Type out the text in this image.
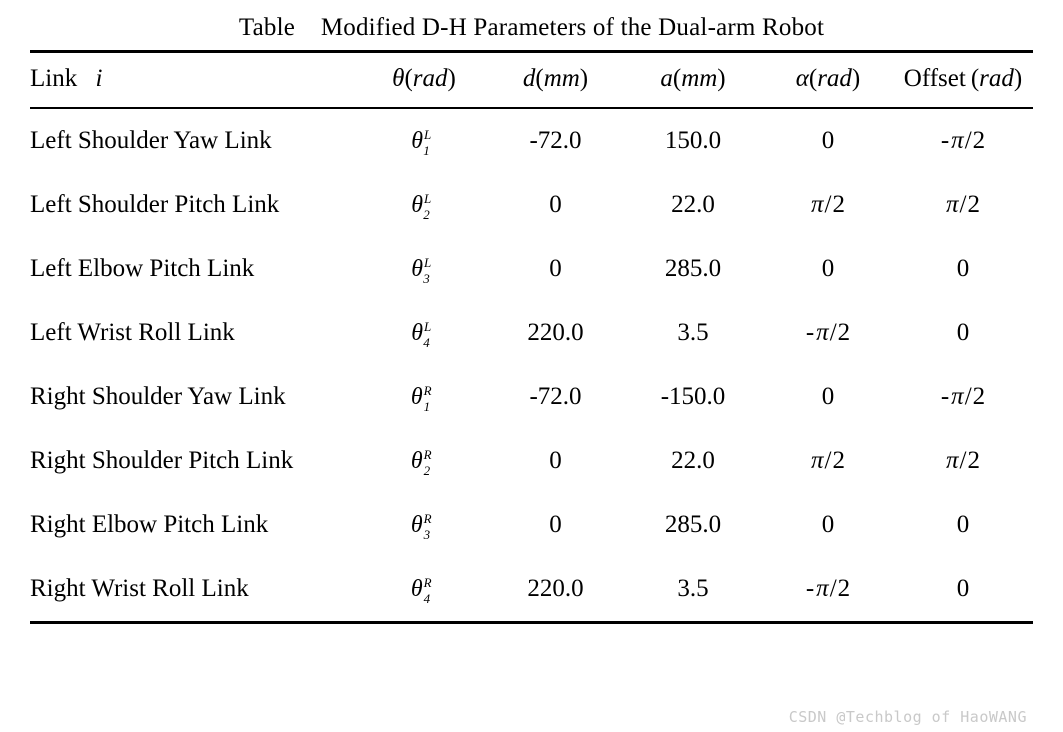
Table    Modified D-H Parameters of the Dual-arm Robot
Link i	θ(rad)	d(mm)	a(mm)	α(rad)	Offset (rad)
Left Shoulder Yaw Link	$\theta^L_1$	-72.0	150.0	0	-π/2
Left Shoulder Pitch Link	$\theta^L_2$	0	22.0	π/2	π/2
Left Elbow Pitch Link	$\theta^L_3$	0	285.0	0	0
Left Wrist Roll Link	$\theta^L_4$	220.0	3.5	-π/2	0
Right Shoulder Yaw Link	$\theta^R_1$	-72.0	-150.0	0	-π/2
Right Shoulder Pitch Link	$\theta^R_2$	0	22.0	π/2	π/2
Right Elbow Pitch Link	$\theta^R_3$	0	285.0	0	0
Right Wrist Roll Link	$\theta^R_4$	220.0	3.5	-π/2	0
CSDN @Techblog of HaoWANG
